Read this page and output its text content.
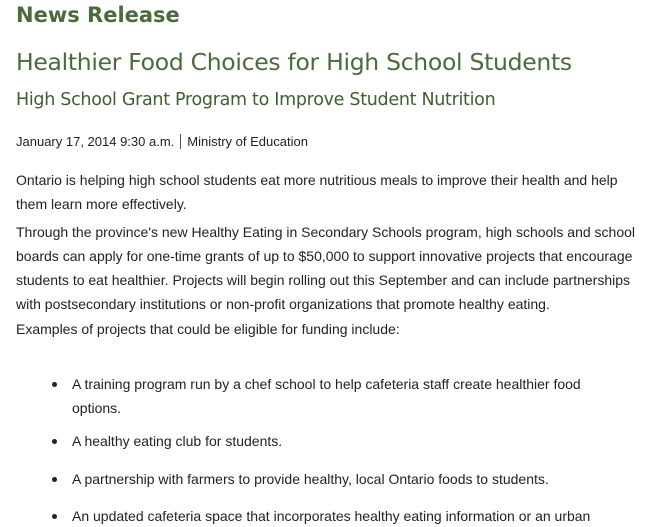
News Release
Healthier Food Choices for High School Students
High School Grant Program to Improve Student Nutrition
January 17, 2014 9:30 a.m. Ministry of Education

Ontario is helping high school students eat more nutritious meals to improve their health and help them learn more effectively.

Through the province's new Healthy Eating in Secondary Schools program, high schools and school boards can apply for one-time grants of up to $50,000 to support innovative projects that encourage students to eat healthier. Projects will begin rolling out this September and can include partnerships with postsecondary institutions or non-profit organizations that promote healthy eating.

Examples of projects that could be eligible for funding include:

A training program run by a chef school to help cafeteria staff create healthier food options.
A healthy eating club for students.
A partnership with farmers to provide healthy, local Ontario foods to students.
An updated cafeteria space that incorporates healthy eating information or an urban
